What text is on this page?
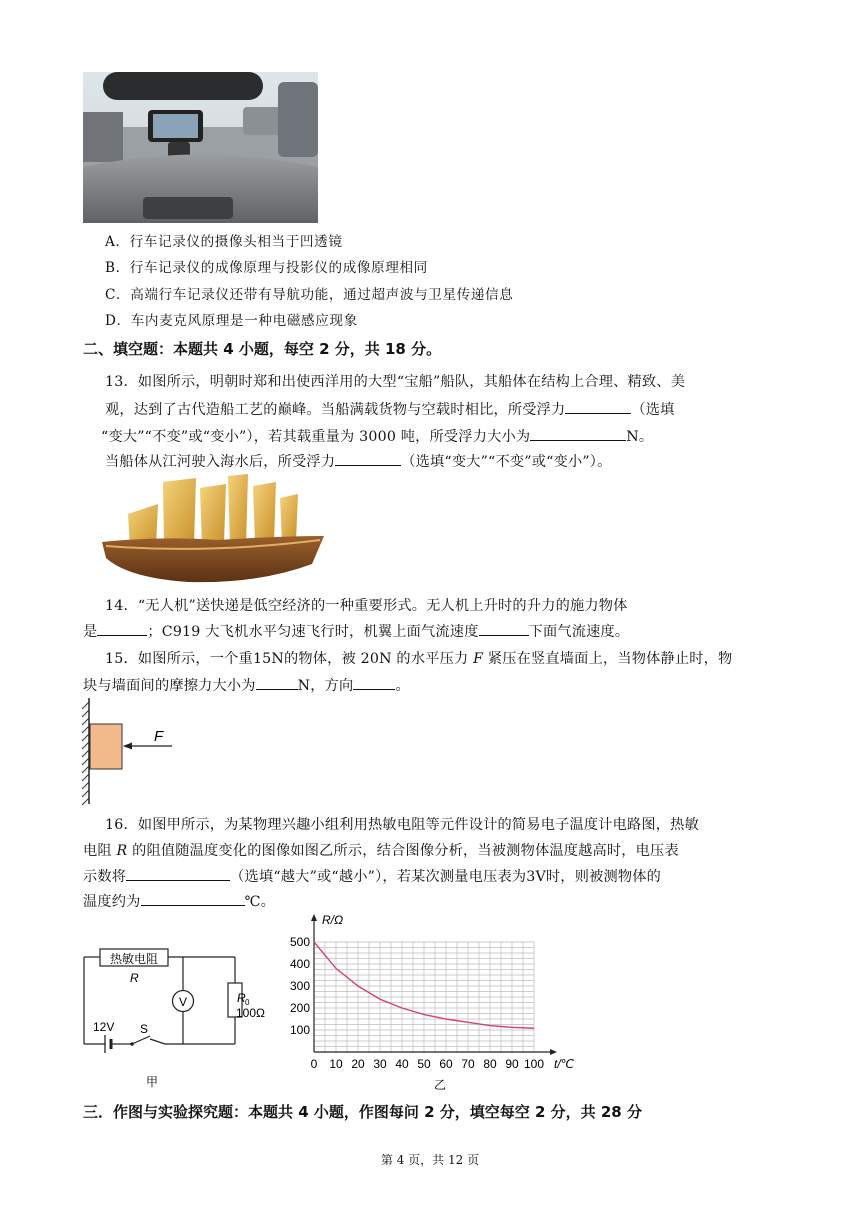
A．行车记录仪的摄像头相当于凹透镜
B．行车记录仪的成像原理与投影仪的成像原理相同
C．高端行车记录仪还带有导航功能，通过超声波与卫星传递信息
D．车内麦克风原理是一种电磁感应现象
二、填空题：本题共 4 小题，每空 2 分，共 18 分。
13．如图所示，明朝时郑和出使西洋用的大型“宝船”船队，其船体在结构上合理、精致、美
观，达到了古代造船工艺的巅峰。当船满载货物与空载时相比，所受浮力	（选填
“变大”“不变”或“变小”），若其载重量为 3000 吨，所受浮力大小为	N。
当船体从江河驶入海水后，所受浮力	（选填“变大”“不变”或“变小”）。
14．“无人机”送快递是低空经济的一种重要形式。无人机上升时的升力的施力物体
是	；C919 大飞机水平匀速飞行时，机翼上面气流速度	下面气流速度。
15．如图所示，一个重15N的物体，被 20N 的水平压力 F 紧压在竖直墙面上，当物体静止时，物
块与墙面间的摩擦力大小为	N，方向	。
F
16．如图甲所示，为某物理兴趣小组利用热敏电阻等元件设计的简易电子温度计电路图，热敏
电阻 R 的阻值随温度变化的图像如图乙所示，结合图像分析，当被测物体温度越高时，电压表
示数将	（选填“越大”或“越小”），若某次测量电压表为3V时，则被测物体的
温度约为	℃。
热敏电阻
R
V	R 0
100Ω
12V S
甲
R/Ω
t/℃
0 10 20 30 40 50 60 70 80 90 100
100
200
300
400
500
乙
三．作图与实验探究题：本题共 4 小题，作图每问 2 分，填空每空 2 分，共 28 分
第 4 页，共 12 页
